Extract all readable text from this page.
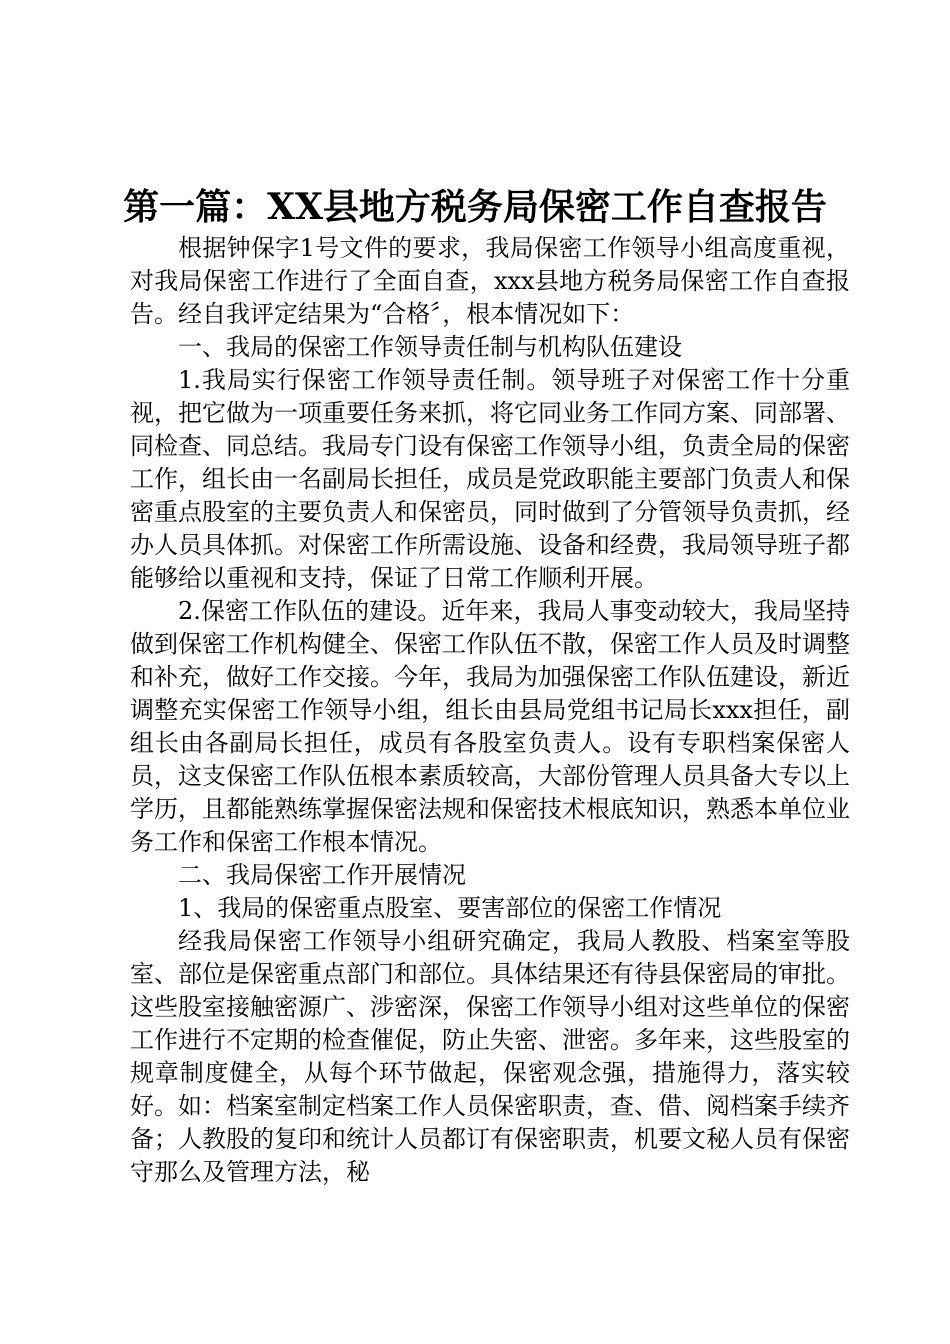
第一篇：XX县地方税务局保密工作自查报告

根据钟保字1号文件的要求，我局保密工作领导小组高度重视，对我局保密工作进行了全面自查，xxx县地方税务局保密工作自查报告。经自我评定结果为“合格〞，根本情况如下：

一、我局的保密工作领导责任制与机构队伍建设

1.我局实行保密工作领导责任制。领导班子对保密工作十分重视，把它做为一项重要任务来抓，将它同业务工作同方案、同部署、同检查、同总结。我局专门设有保密工作领导小组，负责全局的保密工作，组长由一名副局长担任，成员是党政职能主要部门负责人和保密重点股室的主要负责人和保密员，同时做到了分管领导负责抓，经办人员具体抓。对保密工作所需设施、设备和经费，我局领导班子都能够给以重视和支持，保证了日常工作顺利开展。

2.保密工作队伍的建设。近年来，我局人事变动较大，我局坚持做到保密工作机构健全、保密工作队伍不散，保密工作人员及时调整和补充，做好工作交接。今年，我局为加强保密工作队伍建设，新近调整充实保密工作领导小组，组长由县局党组书记局长xxx担任，副组长由各副局长担任，成员有各股室负责人。设有专职档案保密人员，这支保密工作队伍根本素质较高，大部份管理人员具备大专以上学历，且都能熟练掌握保密法规和保密技术根底知识，熟悉本单位业务工作和保密工作根本情况。

二、我局保密工作开展情况

1、我局的保密重点股室、要害部位的保密工作情况

经我局保密工作领导小组研究确定，我局人教股、档案室等股室、部位是保密重点部门和部位。具体结果还有待县保密局的审批。这些股室接触密源广、涉密深，保密工作领导小组对这些单位的保密工作进行不定期的检查催促，防止失密、泄密。多年来，这些股室的规章制度健全，从每个环节做起，保密观念强，措施得力，落实较好。如：档案室制定档案工作人员保密职责，查、借、阅档案手续齐备；人教股的复印和统计人员都订有保密职责，机要文秘人员有保密守那么及管理方法，秘
